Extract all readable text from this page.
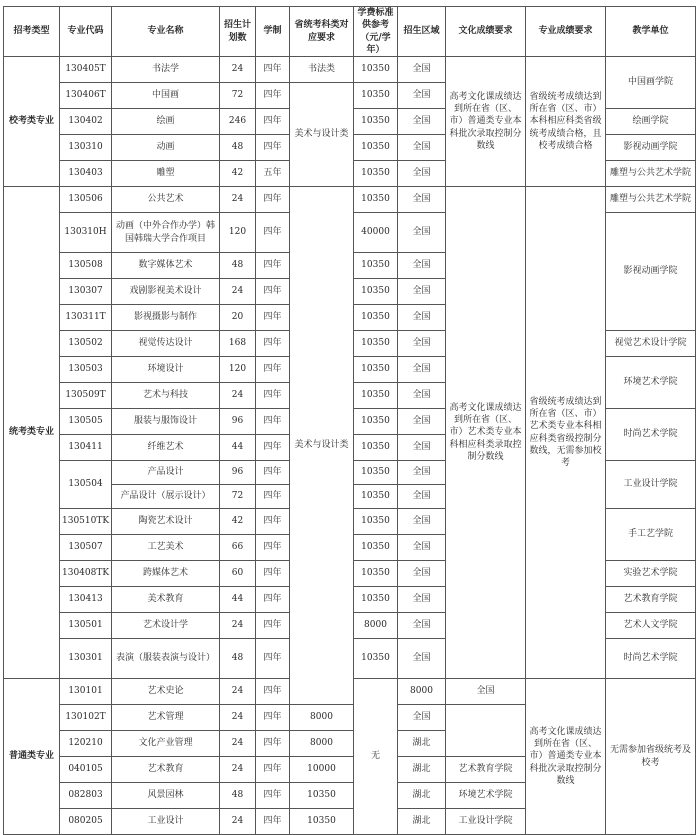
招考类型	专业代码	专业名称	招生计划数	学制	省统考科类对应要求	学费标准供参考（元/学年）	招生区域	文化成绩要求	专业成绩要求	教学单位	
校考类专业	130405T	书法学	24	四年	书法类	10350	全国	高考文化课成绩达到所在省（区、市）普通类专业本科批次录取控制分数线	省级统考成绩达到所在省（区、市）本科相应科类省级统考成绩合格，且校考成绩合格	中国画学院	
	130406T	中国画	72	四年	美术与设计类	10350	全国				
	130402	绘画	246	四年		10350	全国			绘画学院	
	130310	动画	48	四年		10350	全国			影视动画学院	
	130403	雕塑	42	五年		10350	全国			雕塑与公共艺术学院	
统考类专业	130506	公共艺术	24	四年	美术与设计类	10350	全国	高考文化课成绩达到所在省（区、市）艺术类专业本科相应科类录取控制分数线	省级统考成绩达到所在省（区、市）艺术类专业本科相应科类省级控制分数线，无需参加校考	雕塑与公共艺术学院	
	130310H	动画（中外合作办学）韩国韩瑞大学合作项目	120	四年		40000	全国			影视动画学院	
	130508	数字媒体艺术	48	四年		10350	全国				
	130307	戏剧影视美术设计	24	四年		10350	全国				
	130311T	影视摄影与制作	20	四年		10350	全国				
	130502	视觉传达设计	168	四年		10350	全国			视觉艺术设计学院	
	130503	环境设计	120	四年		10350	全国			环境艺术学院	
	130509T	艺术与科技	24	四年		10350	全国				
	130505	服装与服饰设计	96	四年		10350	全国			时尚艺术学院	
	130411	纤维艺术	44	四年		10350	全国				
	130504	产品设计	96	四年		10350	全国			工业设计学院	
		产品设计（展示设计）	72	四年		10350	全国				
	130510TK	陶瓷艺术设计	42	四年		10350	全国			手工艺学院	
	130507	工艺美术	66	四年		10350	全国				
	130408TK	跨媒体艺术	60	四年		10350	全国			实验艺术学院	
	130413	美术教育	44	四年		10350	全国			艺术教育学院	
	130501	艺术设计学	24	四年		8000	全国			艺术人文学院	
	130301	表演（服装表演与设计）	48	四年		10350	全国			时尚艺术学院	
普通类专业	130101	艺术史论	24	四年		无	8000	全国	高考文化课成绩达到所在省（区、市）普通类专业本科批次录取控制分数线	无需参加省级统考及校考	
	130102T	艺术管理	24	四年	8000		全国				
	120210	文化产业管理	24	四年	8000		湖北				
	040105	艺术教育	24	四年	10000		湖北	艺术教育学院			
	082803	风景园林	48	四年	10350		湖北	环境艺术学院			
	080205	工业设计	24	四年	10350		湖北	工业设计学院			
